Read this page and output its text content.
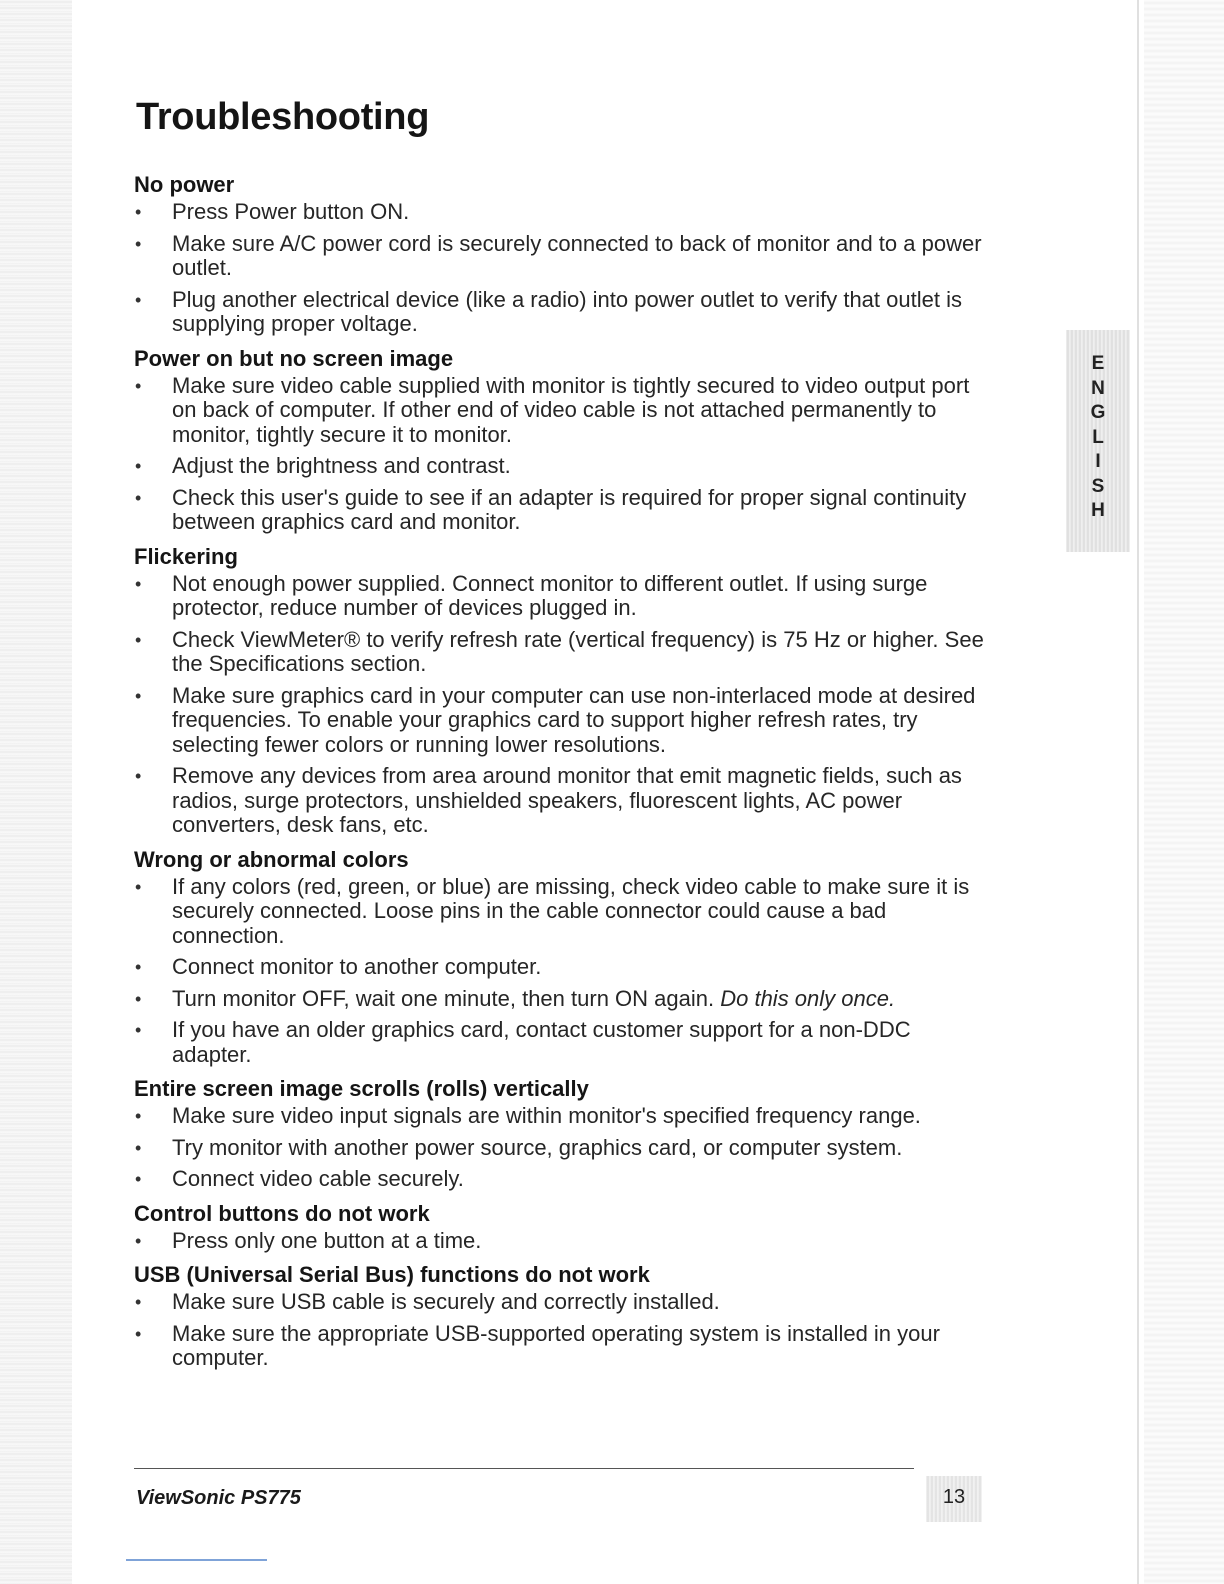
E
N
G
L
I
S
H
Troubleshooting
No power
• Press Power button ON.
• Make sure A/C power cord is securely connected to back of monitor and to a power outlet.
• Plug another electrical device (like a radio) into power outlet to verify that outlet is supplying proper voltage.
Power on but no screen image
• Make sure video cable supplied with monitor is tightly secured to video output port on back of computer. If other end of video cable is not attached permanently to monitor, tightly secure it to monitor.
• Adjust the brightness and contrast.
• Check this user's guide to see if an adapter is required for proper signal continuity between graphics card and monitor.
Flickering
• Not enough power supplied. Connect monitor to different outlet. If using surge protector, reduce number of devices plugged in.
• Check ViewMeter® to verify refresh rate (vertical frequency) is 75 Hz or higher. See the Specifications section.
• Make sure graphics card in your computer can use non-interlaced mode at desired frequencies. To enable your graphics card to support higher refresh rates, try selecting fewer colors or running lower resolutions.
• Remove any devices from area around monitor that emit magnetic fields, such as radios, surge protectors, unshielded speakers, fluorescent lights, AC power converters, desk fans, etc.
Wrong or abnormal colors
• If any colors (red, green, or blue) are missing, check video cable to make sure it is securely connected. Loose pins in the cable connector could cause a bad connection.
• Connect monitor to another computer.
• Turn monitor OFF, wait one minute, then turn ON again. Do this only once.
• If you have an older graphics card, contact customer support for a non-DDC adapter.
Entire screen image scrolls (rolls) vertically
• Make sure video input signals are within monitor's specified frequency range.
• Try monitor with another power source, graphics card, or computer system.
• Connect video cable securely.
Control buttons do not work
• Press only one button at a time.
USB (Universal Serial Bus) functions do not work
• Make sure USB cable is securely and correctly installed.
• Make sure the appropriate USB-supported operating system is installed in your computer.
ViewSonic PS775	13
